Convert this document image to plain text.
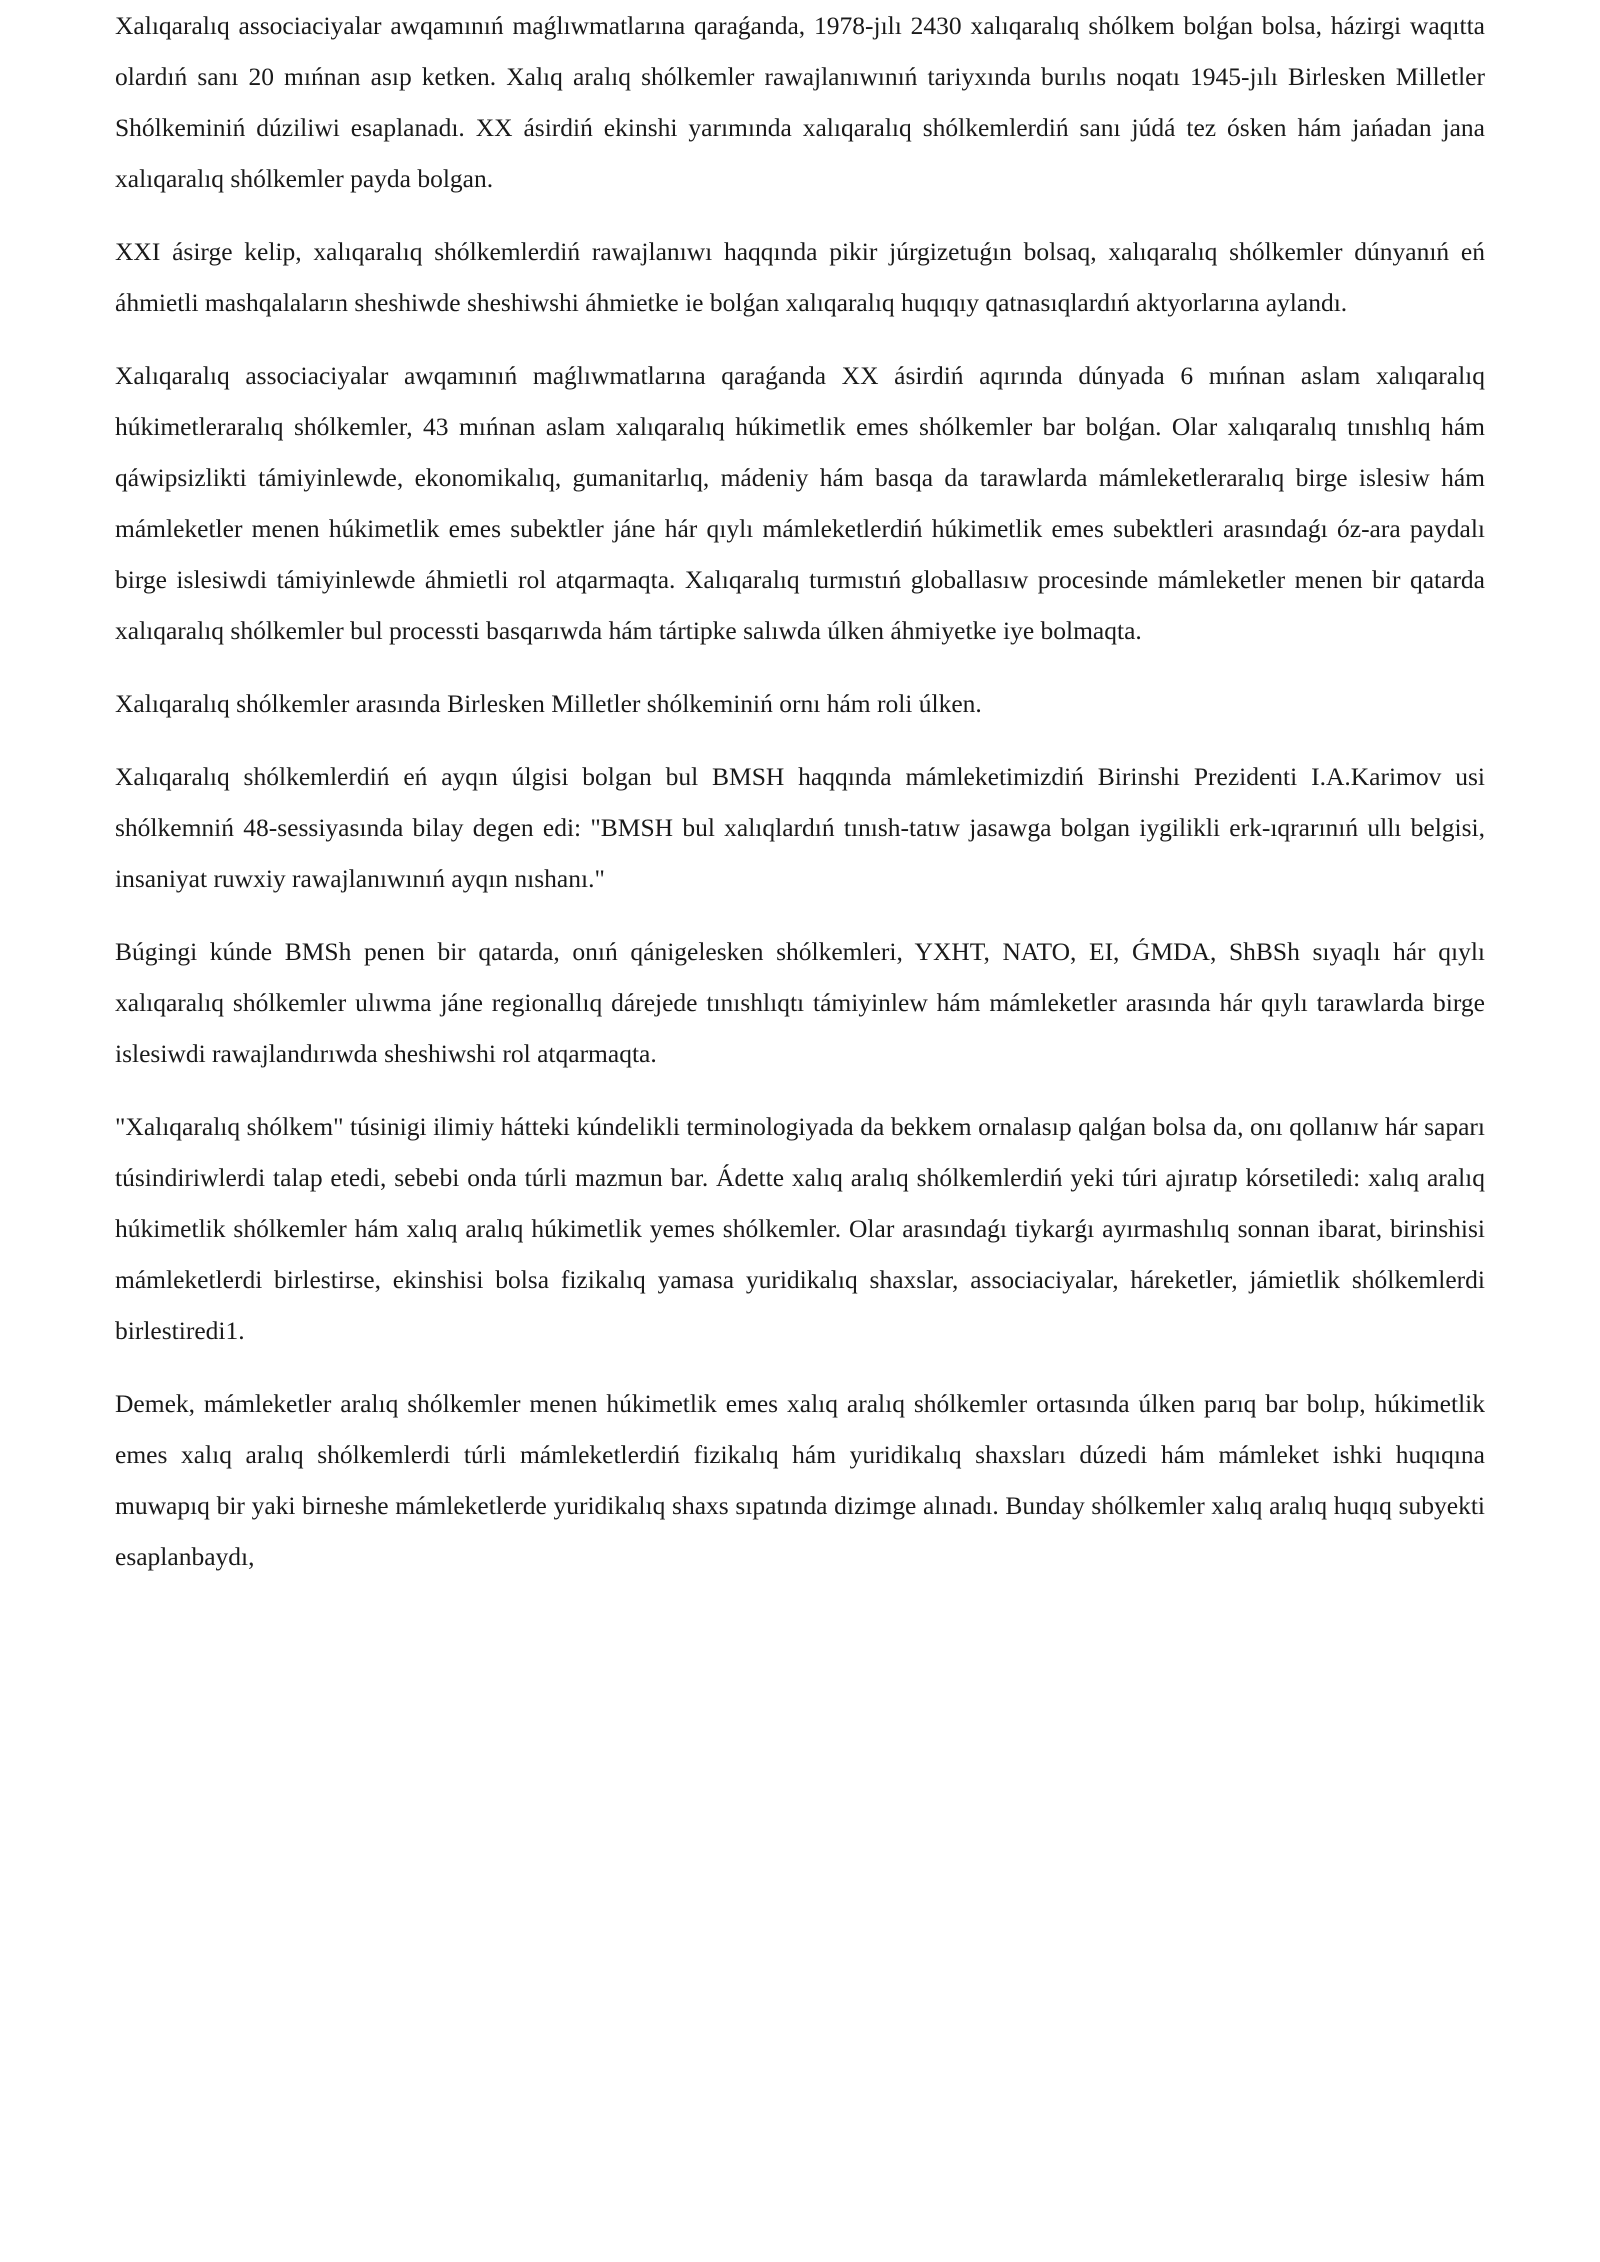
Xalıqaralıq associaciyalar awqamınıń maǵlıwmatlarına qaraǵanda, 1978-jılı 2430 xalıqaralıq shólkem bolǵan bolsa, házirgi waqıtta olardıń sanı 20 mıńnan asıp ketken. Xalıq aralıq shólkemler rawajlanıwınıń tariyxında burılıs noqatı 1945-jılı Birlesken Milletler Shólkeminiń dúziliwi esaplanadı. XX ásirdiń ekinshi yarımında xalıqaralıq shólkemlerdiń sanı júdá tez ósken hám jańadan jana xalıqaralıq shólkemler payda bolgan.

XXI ásirge kelip, xalıqaralıq shólkemlerdiń rawajlanıwı haqqında pikir júrgizetuǵın bolsaq, xalıqaralıq shólkemler dúnyanıń eń áhmietli mashqalaların sheshiwde sheshiwshi áhmietke ie bolǵan xalıqaralıq huqıqıy qatnasıqlardıń aktyorlarına aylandı.

Xalıqaralıq associaciyalar awqamınıń maǵlıwmatlarına qaraǵanda XX ásirdiń aqırında dúnyada 6 mıńnan aslam xalıqaralıq húkimetleraralıq shólkemler, 43 mıńnan aslam xalıqaralıq húkimetlik emes shólkemler bar bolǵan. Olar xalıqaralıq tınıshlıq hám qáwipsizlikti támiyinlewde, ekonomikalıq, gumanitarlıq, mádeniy hám basqa da tarawlarda mámleketleraralıq birge islesiw hám mámleketler menen húkimetlik emes subektler jáne hár qıylı mámleketlerdiń húkimetlik emes subektleri arasındaǵı óz-ara paydalı birge islesiwdi támiyinlewde áhmietli rol atqarmaqta. Xalıqaralıq turmıstıń globallasıw procesinde mámleketler menen bir qatarda xalıqaralıq shólkemler bul processti basqarıwda hám tártipke salıwda úlken áhmiyetke iye bolmaqta.

Xalıqaralıq shólkemler arasında Birlesken Milletler shólkeminiń ornı hám roli úlken.

Xalıqaralıq shólkemlerdiń eń ayqın úlgisi bolgan bul BMSH haqqında mámleketimizdiń Birinshi Prezidenti I.A.Karimov usi shólkemniń 48-sessiyasında bilay degen edi: "BMSH bul xalıqlardıń tınısh-tatıw jasawga bolgan iygilikli erk-ıqrarınıń ullı belgisi, insaniyat ruwxiy rawajlanıwınıń ayqın nıshanı."

Búgingi kúnde BMSh penen bir qatarda, onıń qánigelesken shólkemleri, YXHT, NATO, EI, ǴMDA, ShBSh sıyaqlı hár qıylı xalıqaralıq shólkemler ulıwma jáne regionallıq dárejede tınıshlıqtı támiyinlew hám mámleketler arasında hár qıylı tarawlarda birge islesiwdi rawajlandırıwda sheshiwshi rol atqarmaqta.

"Xalıqaralıq shólkem" túsinigi ilimiy hátteki kúndelikli terminologiyada da bekkem ornalasıp qalǵan bolsa da, onı qollanıw hár saparı túsindiriwlerdi talap etedi, sebebi onda túrli mazmun bar. Ádette xalıq aralıq shólkemlerdiń yeki túri ajıratıp kórsetiledi: xalıq aralıq húkimetlik shólkemler hám xalıq aralıq húkimetlik yemes shólkemler. Olar arasındaǵı tiykarǵı ayırmashılıq sonnan ibarat, birinshisi mámleketlerdi birlestirse, ekinshisi bolsa fizikalıq yamasa yuridikalıq shaxslar, associaciyalar, háreketler, jámietlik shólkemlerdi birlestiredi1.

Demek, mámleketler aralıq shólkemler menen húkimetlik emes xalıq aralıq shólkemler ortasında úlken parıq bar bolıp, húkimetlik emes xalıq aralıq shólkemlerdi túrli mámleketlerdiń fizikalıq hám yuridikalıq shaxsları dúzedi hám mámleket ishki huqıqına muwapıq bir yaki birneshe mámleketlerde yuridikalıq shaxs sıpatında dizimge alınadı. Bunday shólkemler xalıq aralıq huqıq subyekti esaplanbaydı,
